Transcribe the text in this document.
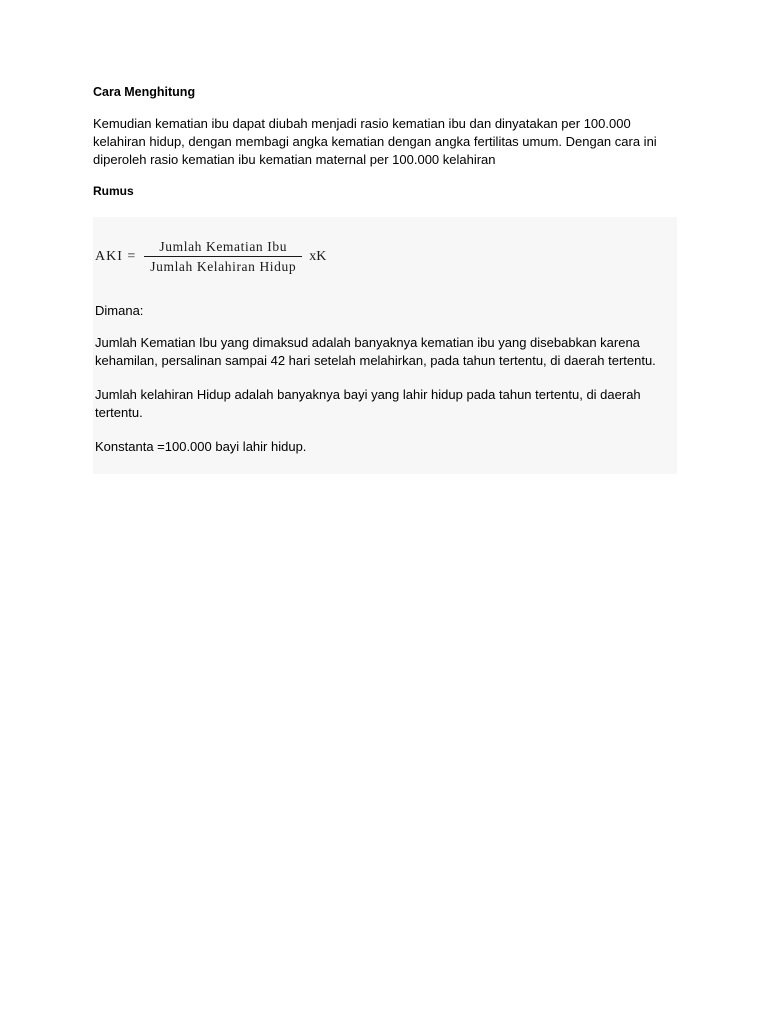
Cara Menghitung

Kemudian kematian ibu dapat diubah menjadi rasio kematian ibu dan dinyatakan per 100.000 kelahiran hidup, dengan membagi angka kematian dengan angka fertilitas umum. Dengan cara ini diperoleh rasio kematian ibu kematian maternal per 100.000 kelahiran

Rumus
AKI = $\frac{\text{Jumlah Kematian Ibu}}{\text{Jumlah Kelahiran Hidup}}$ xK

Dimana:

Jumlah Kematian Ibu yang dimaksud adalah banyaknya kematian ibu yang disebabkan karena kehamilan, persalinan sampai 42 hari setelah melahirkan, pada tahun tertentu, di daerah tertentu.

Jumlah kelahiran Hidup adalah banyaknya bayi yang lahir hidup pada tahun tertentu, di daerah tertentu.

Konstanta =100.000 bayi lahir hidup.
